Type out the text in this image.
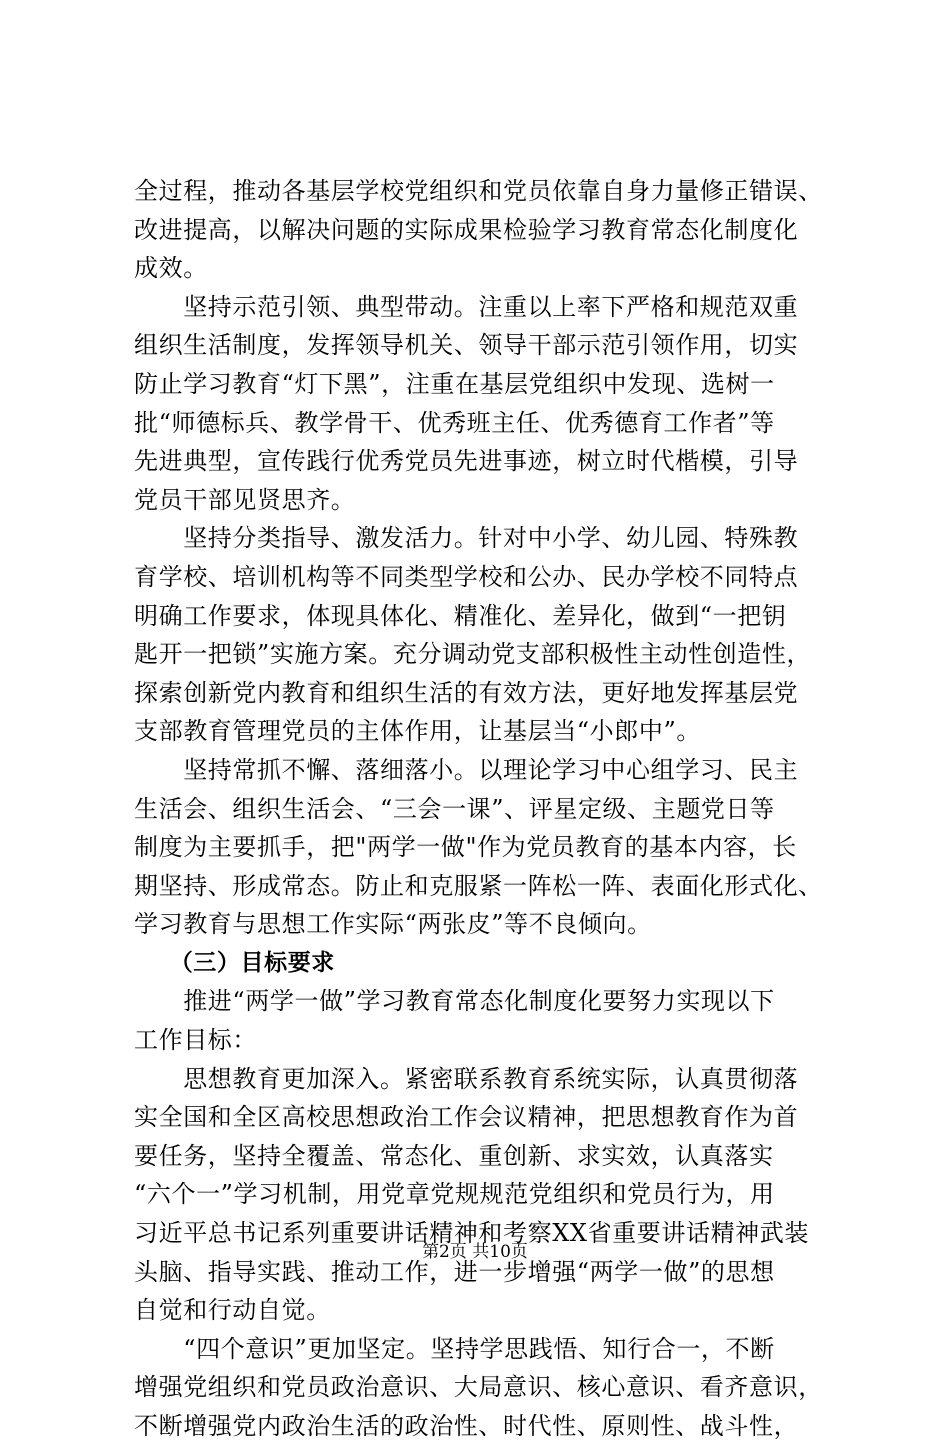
全过程，推动各基层学校党组织和党员依靠自身力量修正错误、
改进提高，以解决问题的实际成果检验学习教育常态化制度化
成效。
　　坚持示范引领、典型带动。注重以上率下严格和规范双重
组织生活制度，发挥领导机关、领导干部示范引领作用，切实
防止学习教育“灯下黑”，注重在基层党组织中发现、选树一
批“师德标兵、教学骨干、优秀班主任、优秀德育工作者”等
先进典型，宣传践行优秀党员先进事迹，树立时代楷模，引导
党员干部见贤思齐。
　　坚持分类指导、激发活力。针对中小学、幼儿园、特殊教
育学校、培训机构等不同类型学校和公办、民办学校不同特点
明确工作要求，体现具体化、精准化、差异化，做到“一把钥
匙开一把锁”实施方案。充分调动党支部积极性主动性创造性，
探索创新党内教育和组织生活的有效方法，更好地发挥基层党
支部教育管理党员的主体作用，让基层当“小郎中”。
　　坚持常抓不懈、落细落小。以理论学习中心组学习、民主
生活会、组织生活会、“三会一课”、评星定级、主题党日等
制度为主要抓手，把"两学一做"作为党员教育的基本内容，长
期坚持、形成常态。防止和克服紧一阵松一阵、表面化形式化、
学习教育与思想工作实际“两张皮”等不良倾向。
　　（三）目标要求
　　推进“两学一做”学习教育常态化制度化要努力实现以下
工作目标：
　　思想教育更加深入。紧密联系教育系统实际，认真贯彻落
实全国和全区高校思想政治工作会议精神，把思想教育作为首
要任务，坚持全覆盖、常态化、重创新、求实效，认真落实
“六个一”学习机制，用党章党规规范党组织和党员行为，用
习近平总书记系列重要讲话精神和考察XX省重要讲话精神武装
头脑、指导实践、推动工作，进一步增强“两学一做”的思想
自觉和行动自觉。
　　“四个意识”更加坚定。坚持学思践悟、知行合一，不断
增强党组织和党员政治意识、大局意识、核心意识、看齐意识，
不断增强党内政治生活的政治性、时代性、原则性、战斗性，
第2页 共10页
